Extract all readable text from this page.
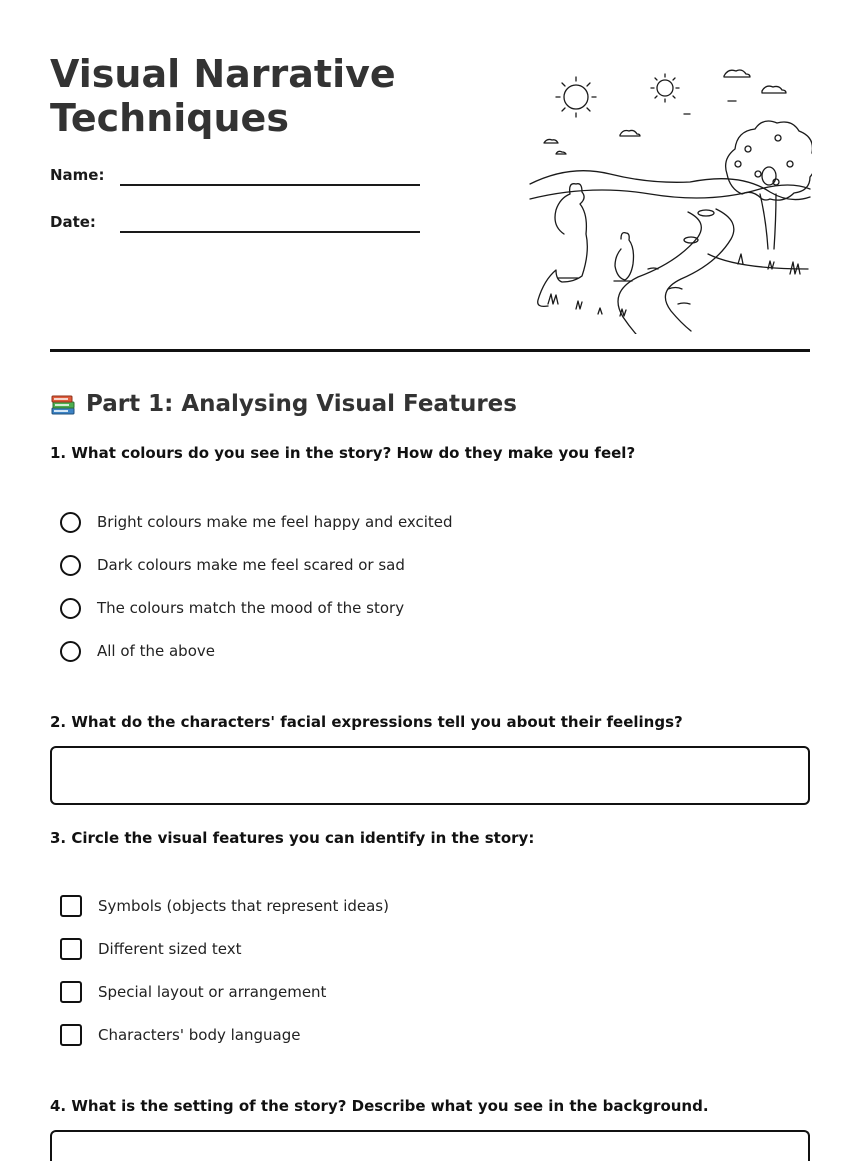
Visual Narrative
Techniques
Name:
Date:
Part 1: Analysing Visual Features
1. What colours do you see in the story? How do they make you feel?
Bright colours make me feel happy and excited
Dark colours make me feel scared or sad
The colours match the mood of the story
All of the above
2. What do the characters' facial expressions tell you about their feelings?
3. Circle the visual features you can identify in the story:
Symbols (objects that represent ideas)
Different sized text
Special layout or arrangement
Characters' body language
4. What is the setting of the story? Describe what you see in the background.
